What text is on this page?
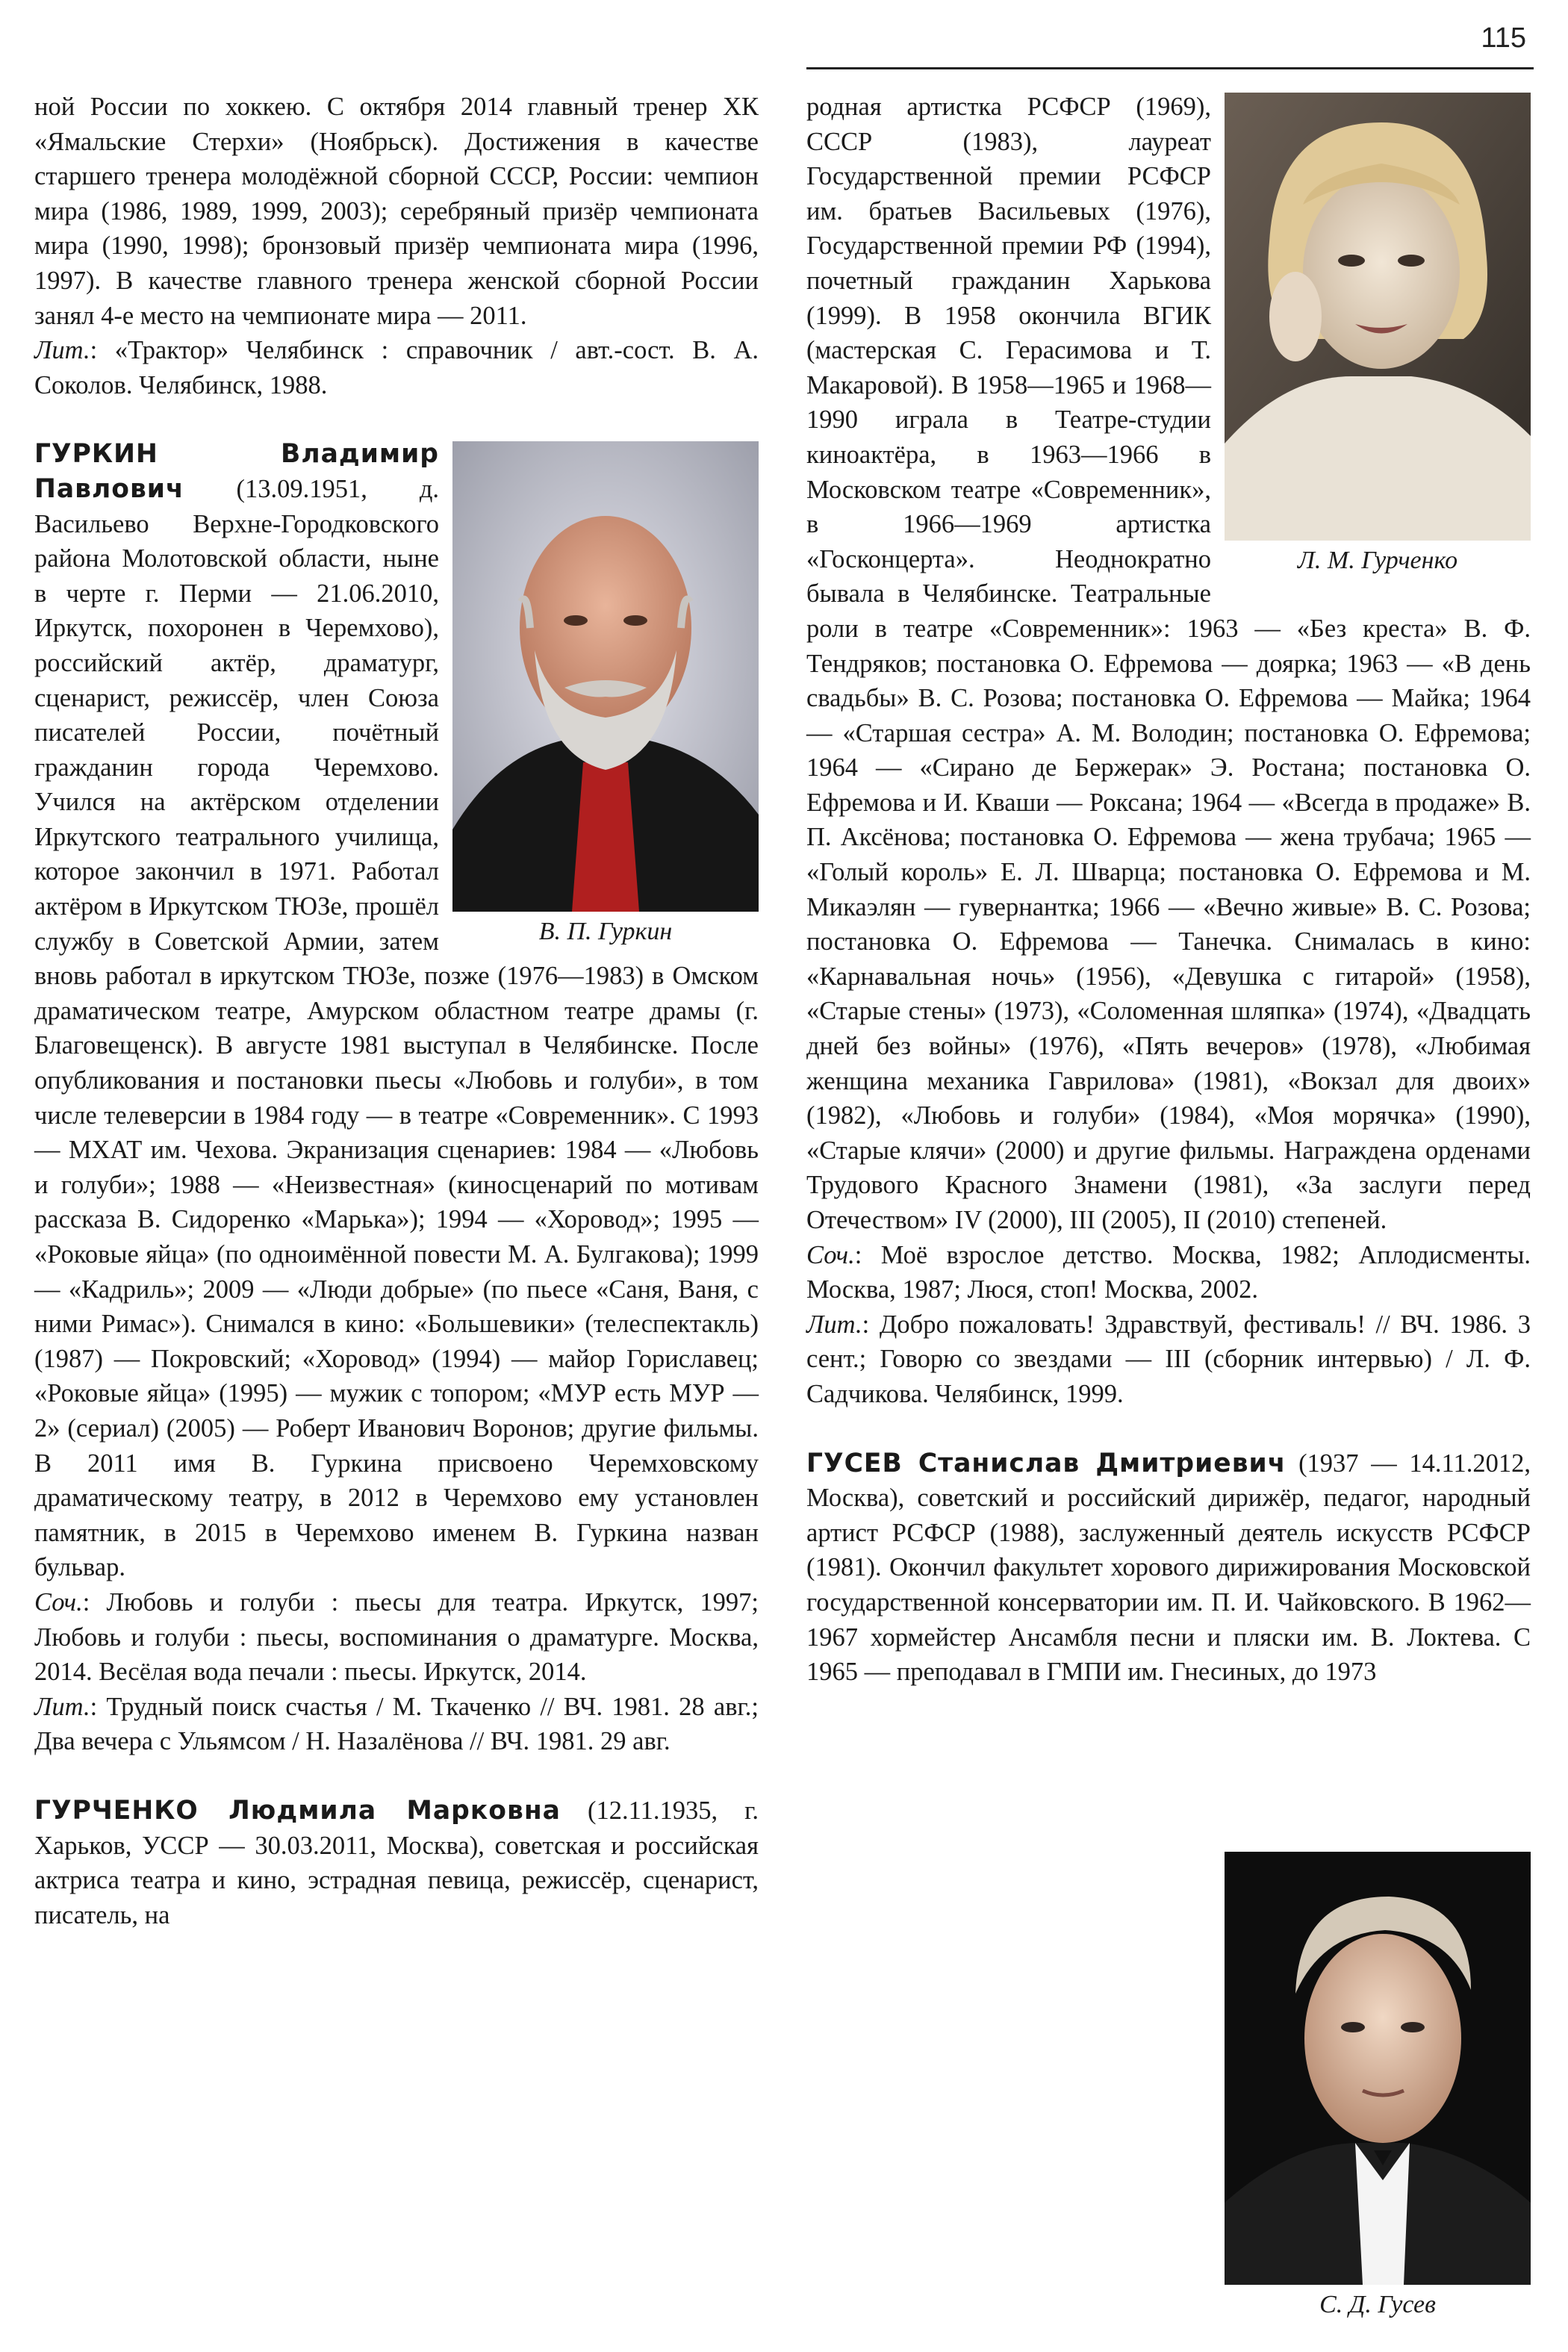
115

ной России по хоккею. С октября 2014 главный тренер ХК «Ямальские Стерхи» (Ноябрьск). Достижения в качестве старшего тренера молодёжной сборной СССР, России: чемпион мира (1986, 1989, 1999, 2003); серебряный призёр чемпионата мира (1990, 1998); бронзовый призёр чемпионата мира (1996, 1997). В качестве главного тренера женской сборной России занял 4-е место на чемпионате мира — 2011.

Лит.: «Трактор» Челябинск : справочник / авт.-сост. В. А. Соколов. Челябинск, 1988.

В. П. Гуркин

ГУРКИН Владимир Павлович (13.09.1951, д. Васильево Верхне-Городковского района Молотовской области, ныне в черте г. Перми — 21.06.2010, Иркутск, похоронен в Черемхово), российский актёр, драматург, сценарист, режиссёр, член Союза писателей России, почётный гражданин города Черемхово. Учился на актёрском отделении Иркутского театрального училища, которое закончил в 1971. Работал актёром в Иркутском ТЮЗе, прошёл службу в Советской Армии, затем вновь работал в иркутском ТЮЗе, позже (1976—1983) в Омском драматическом театре, Амурском областном театре драмы (г. Благовещенск). В августе 1981 выступал в Челябинске. После опубликования и постановки пьесы «Любовь и голуби», в том числе телеверсии в 1984 году — в театре «Современник». С 1993 — МХАТ им. Чехова. Экранизация сценариев: 1984 — «Любовь и голуби»; 1988 — «Неизвестная» (киносценарий по мотивам рассказа В. Сидоренко «Марька»); 1994 — «Хоровод»; 1995 — «Роковые яйца» (по одноимённой повести М. А. Булгакова); 1999 — «Кадриль»; 2009 — «Люди добрые» (по пьесе «Саня, Ваня, с ними Римас»). Снимался в кино: «Большевики» (телеспектакль) (1987) — Покровский; «Хоровод» (1994) — майор Гориславец; «Роковые яйца» (1995) — мужик с топором; «МУР есть МУР — 2» (сериал) (2005) — Роберт Иванович Воронов; другие фильмы. В 2011 имя В. Гуркина присвоено Черемховскому драматическому театру, в 2012 в Черемхово ему установлен памятник, в 2015 в Черемхово именем В. Гуркина назван бульвар.

Соч.: Любовь и голуби : пьесы для театра. Иркутск, 1997; Любовь и голуби : пьесы, воспоминания о драматурге. Москва, 2014. Весёлая вода печали : пьесы. Иркутск, 2014.

Лит.: Трудный поиск счастья / М. Ткаченко // ВЧ. 1981. 28 авг.; Два вечера с Ульямсом / Н. Назалёнова // ВЧ. 1981. 29 авг.

ГУРЧЕНКО Людмила Марковна (12.11.1935, г. Харьков, УССР — 30.03.2011, Москва), советская и российская актриса театра и кино, эстрадная певица, режиссёр, сценарист, писатель, на

Л. М. Гурченко

родная артистка РСФСР (1969), СССР (1983), лауреат Государственной премии РСФСР им. братьев Васильевых (1976), Государственной премии РФ (1994), почетный гражданин Харькова (1999). В 1958 окончила ВГИК (мастерская С. Герасимова и Т. Макаровой). В 1958—1965 и 1968—1990 играла в Театре-студии киноактёра, в 1963—1966 в Московском театре «Современник», в 1966—1969 артистка «Госконцерта». Неоднократно бывала в Челябинске. Театральные роли в театре «Современник»: 1963 — «Без креста» В. Ф. Тендряков; постановка О. Ефремова — доярка; 1963 — «В день свадьбы» В. С. Розова; постановка О. Ефремова — Майка; 1964 — «Старшая сестра» А. М. Володин; постановка О. Ефремова; 1964 — «Сирано де Бержерак» Э. Ростана; постановка О. Ефремова и И. Кваши — Роксана; 1964 — «Всегда в продаже» В. П. Аксёнова; постановка О. Ефремова — жена трубача; 1965 — «Голый король» Е. Л. Шварца; постановка О. Ефремова и М. Микаэлян — гувернантка; 1966 — «Вечно живые» В. С. Розова; постановка О. Ефремова — Танечка. Снималась в кино: «Карнавальная ночь» (1956), «Девушка с гитарой» (1958), «Старые стены» (1973), «Соломенная шляпка» (1974), «Двадцать дней без войны» (1976), «Пять вечеров» (1978), «Любимая женщина механика Гаврилова» (1981), «Вокзал для двоих» (1982), «Любовь и голуби» (1984), «Моя морячка» (1990), «Старые клячи» (2000) и другие фильмы. Награждена орденами Трудового Красного Знамени (1981), «За заслуги перед Отечеством» IV (2000), III (2005), II (2010) степеней.

Соч.: Моё взрослое детство. Москва, 1982; Аплодисменты. Москва, 1987; Люся, стоп! Москва, 2002.

Лит.: Добро пожаловать! Здравствуй, фестиваль! // ВЧ. 1986. 3 сент.; Говорю со звездами — III (сборник интервью) / Л. Ф. Садчикова. Челябинск, 1999.

ГУСЕВ Станислав Дмитриевич (1937 — 14.11.2012, Москва), советский и российский дирижёр, педагог, народный артист РСФСР (1988), заслуженный деятель искусств РСФСР (1981). Окончил факультет хорового дирижирования Московской государственной консерватории им. П. И. Чайковского. В 1962—1967 хормейстер Ансамбля песни и пляски им. В. Локтева. С 1965 — преподавал в ГМПИ им. Гнесиных, до 1973

С. Д. Гусев
